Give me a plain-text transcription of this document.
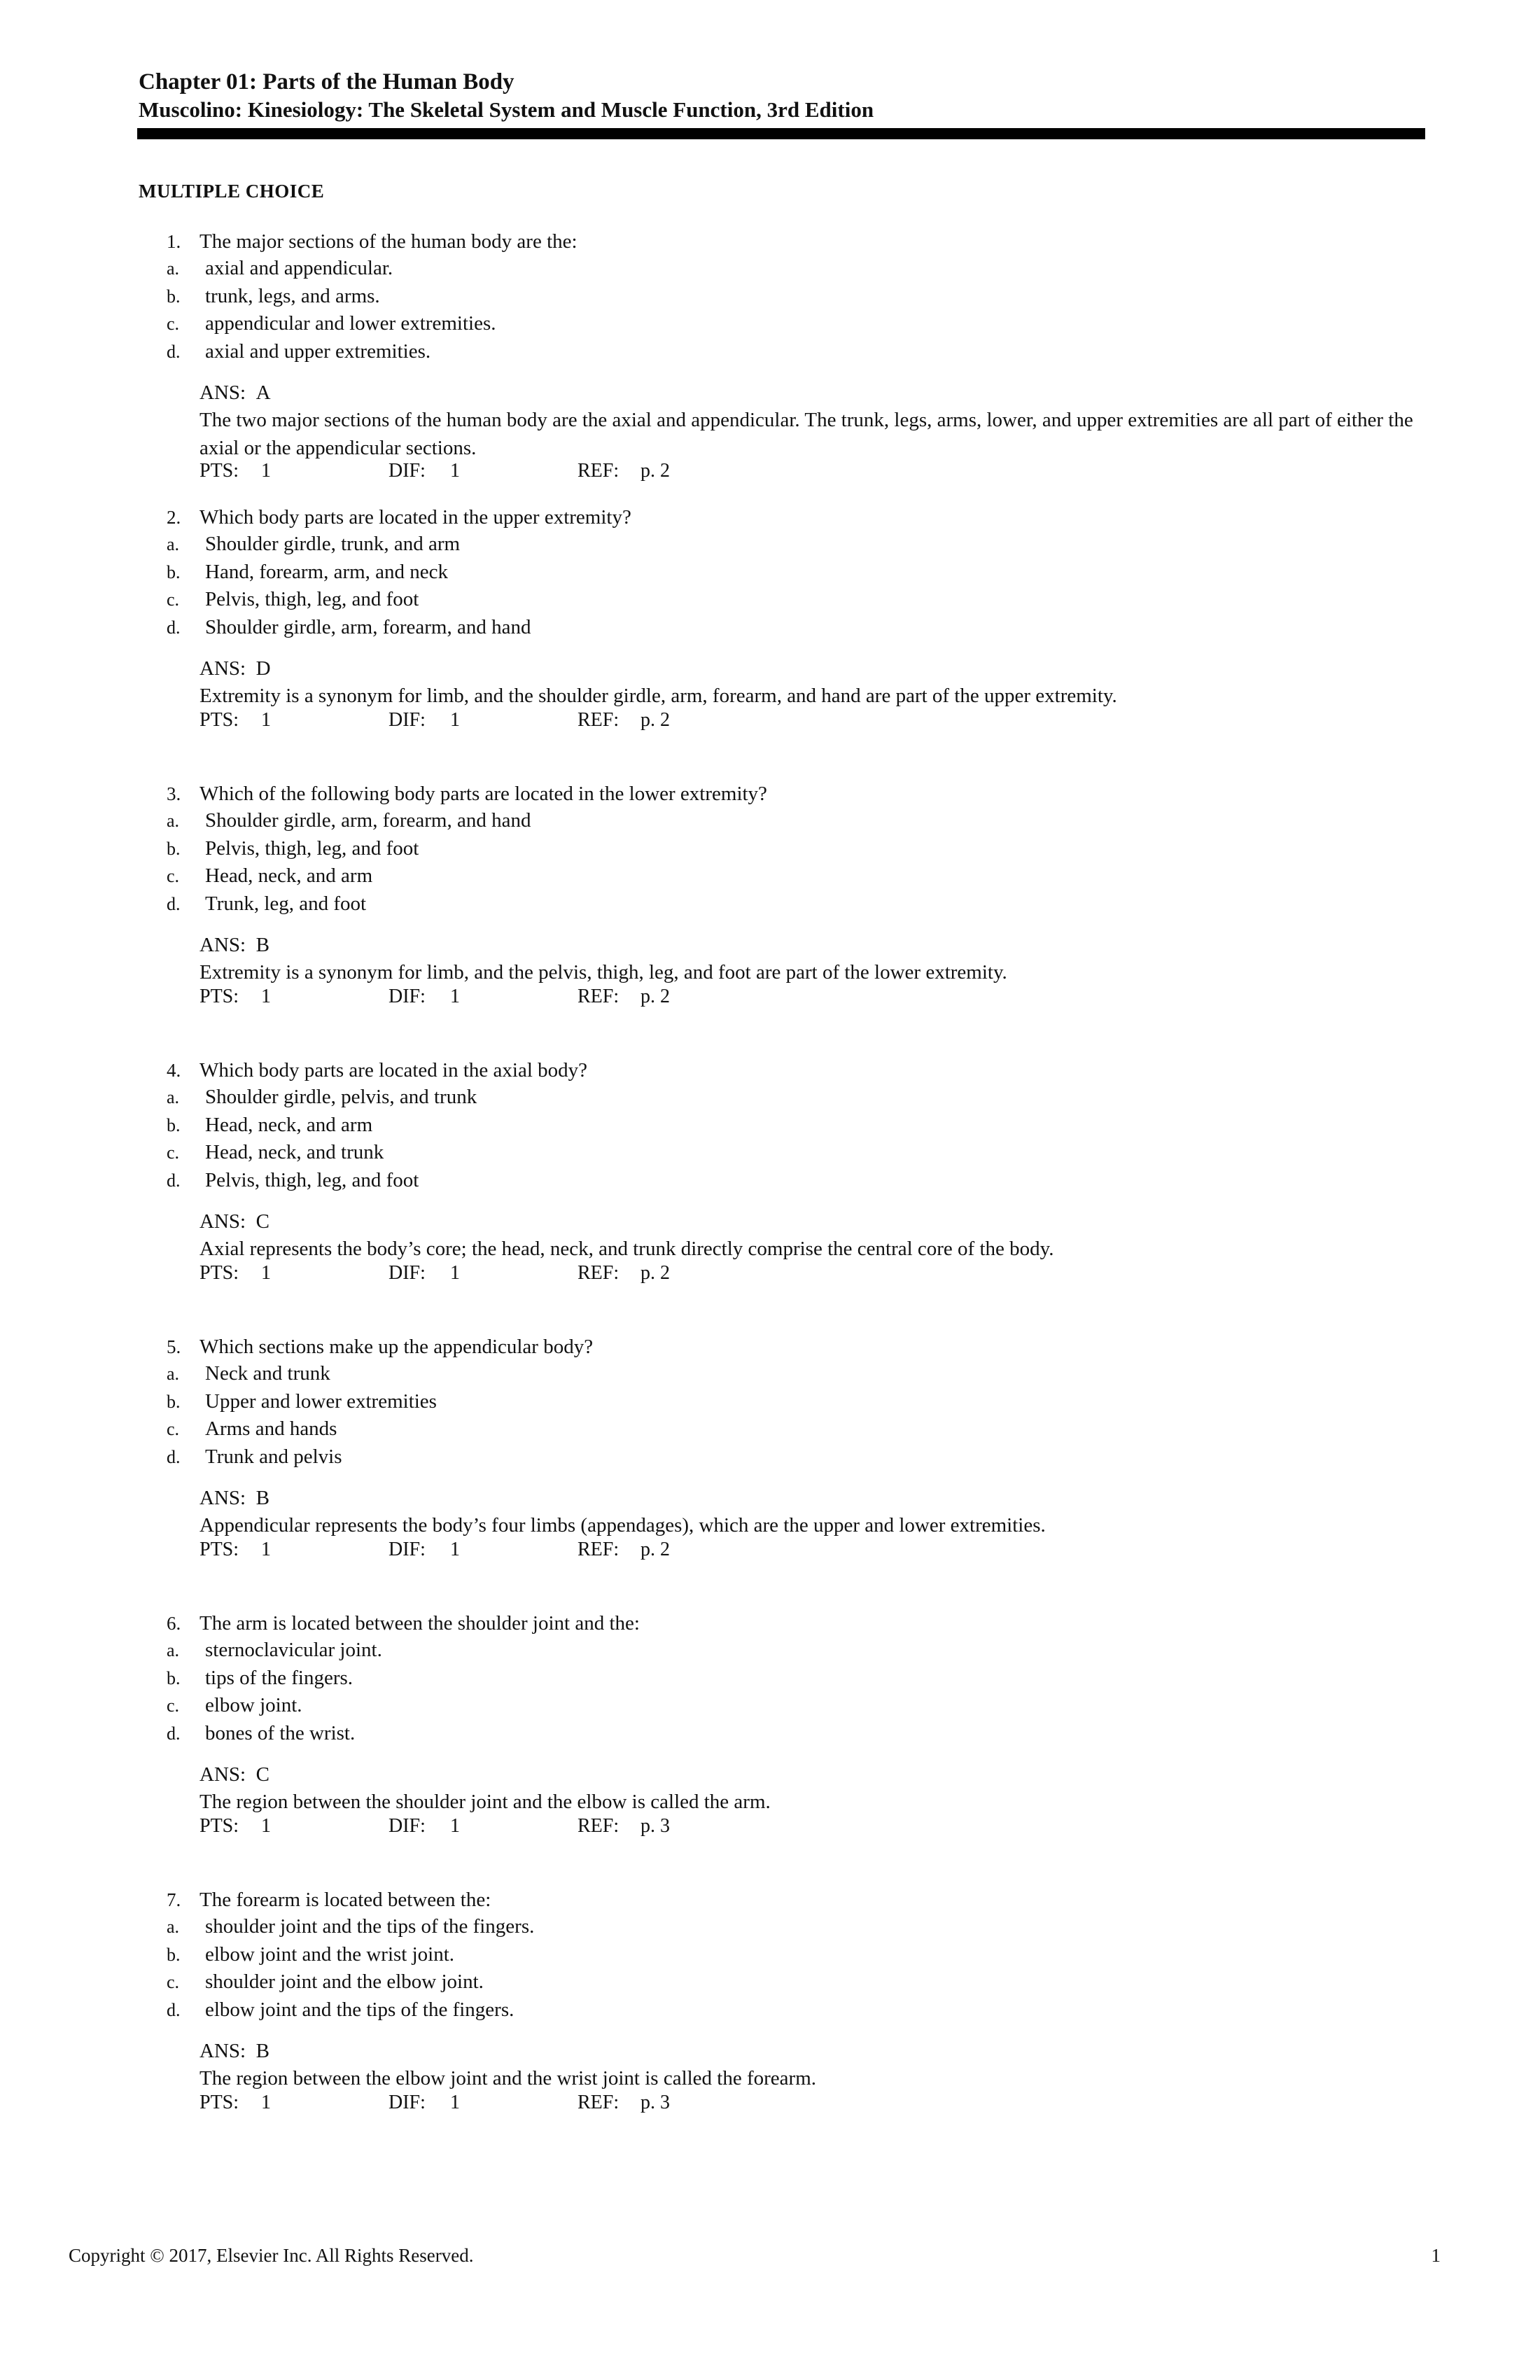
Chapter 01: Parts of the Human Body

Muscolino: Kinesiology: The Skeletal System and Muscle Function, 3rd Edition

MULTIPLE CHOICE
1. The major sections of the human body are the:
a. axial and appendicular.
b. trunk, legs, and arms.
c. appendicular and lower extremities.
d. axial and upper extremities.
ANS: A

The two major sections of the human body are the axial and appendicular. The trunk, legs, arms, lower, and upper extremities are all part of either the axial or the appendicular sections.

PTS: 1	DIF: 1	REF: p. 2
2. Which body parts are located in the upper extremity?
a. Shoulder girdle, trunk, and arm
b. Hand, forearm, arm, and neck
c. Pelvis, thigh, leg, and foot
d. Shoulder girdle, arm, forearm, and hand
ANS: D

Extremity is a synonym for limb, and the shoulder girdle, arm, forearm, and hand are part of the upper extremity.

PTS: 1	DIF: 1	REF: p. 2
3. Which of the following body parts are located in the lower extremity?
a. Shoulder girdle, arm, forearm, and hand
b. Pelvis, thigh, leg, and foot
c. Head, neck, and arm
d. Trunk, leg, and foot
ANS: B

Extremity is a synonym for limb, and the pelvis, thigh, leg, and foot are part of the lower extremity.

PTS: 1	DIF: 1	REF: p. 2
4. Which body parts are located in the axial body?
a. Shoulder girdle, pelvis, and trunk
b. Head, neck, and arm
c. Head, neck, and trunk
d. Pelvis, thigh, leg, and foot
ANS: C

Axial represents the body’s core; the head, neck, and trunk directly comprise the central core of the body.

PTS: 1	DIF: 1	REF: p. 2
5. Which sections make up the appendicular body?
a. Neck and trunk
b. Upper and lower extremities
c. Arms and hands
d. Trunk and pelvis
ANS: B

Appendicular represents the body’s four limbs (appendages), which are the upper and lower extremities.

PTS: 1	DIF: 1	REF: p. 2
6. The arm is located between the shoulder joint and the:
a. sternoclavicular joint.
b. tips of the fingers.
c. elbow joint.
d. bones of the wrist.
ANS: C

The region between the shoulder joint and the elbow is called the arm.

PTS: 1	DIF: 1	REF: p. 3
7. The forearm is located between the:
a. shoulder joint and the tips of the fingers.
b. elbow joint and the wrist joint.
c. shoulder joint and the elbow joint.
d. elbow joint and the tips of the fingers.
ANS: B

The region between the elbow joint and the wrist joint is called the forearm.

PTS: 1	DIF: 1	REF: p. 3
Copyright © 2017, Elsevier Inc. All Rights Reserved.	1
